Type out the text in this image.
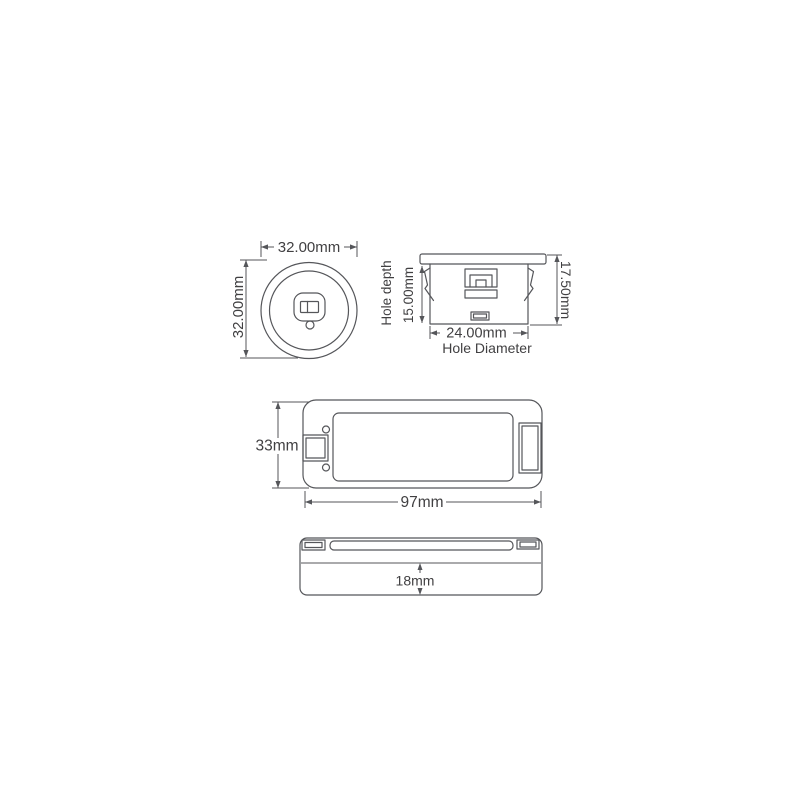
32.00mm
32.00mm	Hole depth 15.00mm	17.50mm
24.00mm
Hole Diameter
33mm
97mm
18mm
